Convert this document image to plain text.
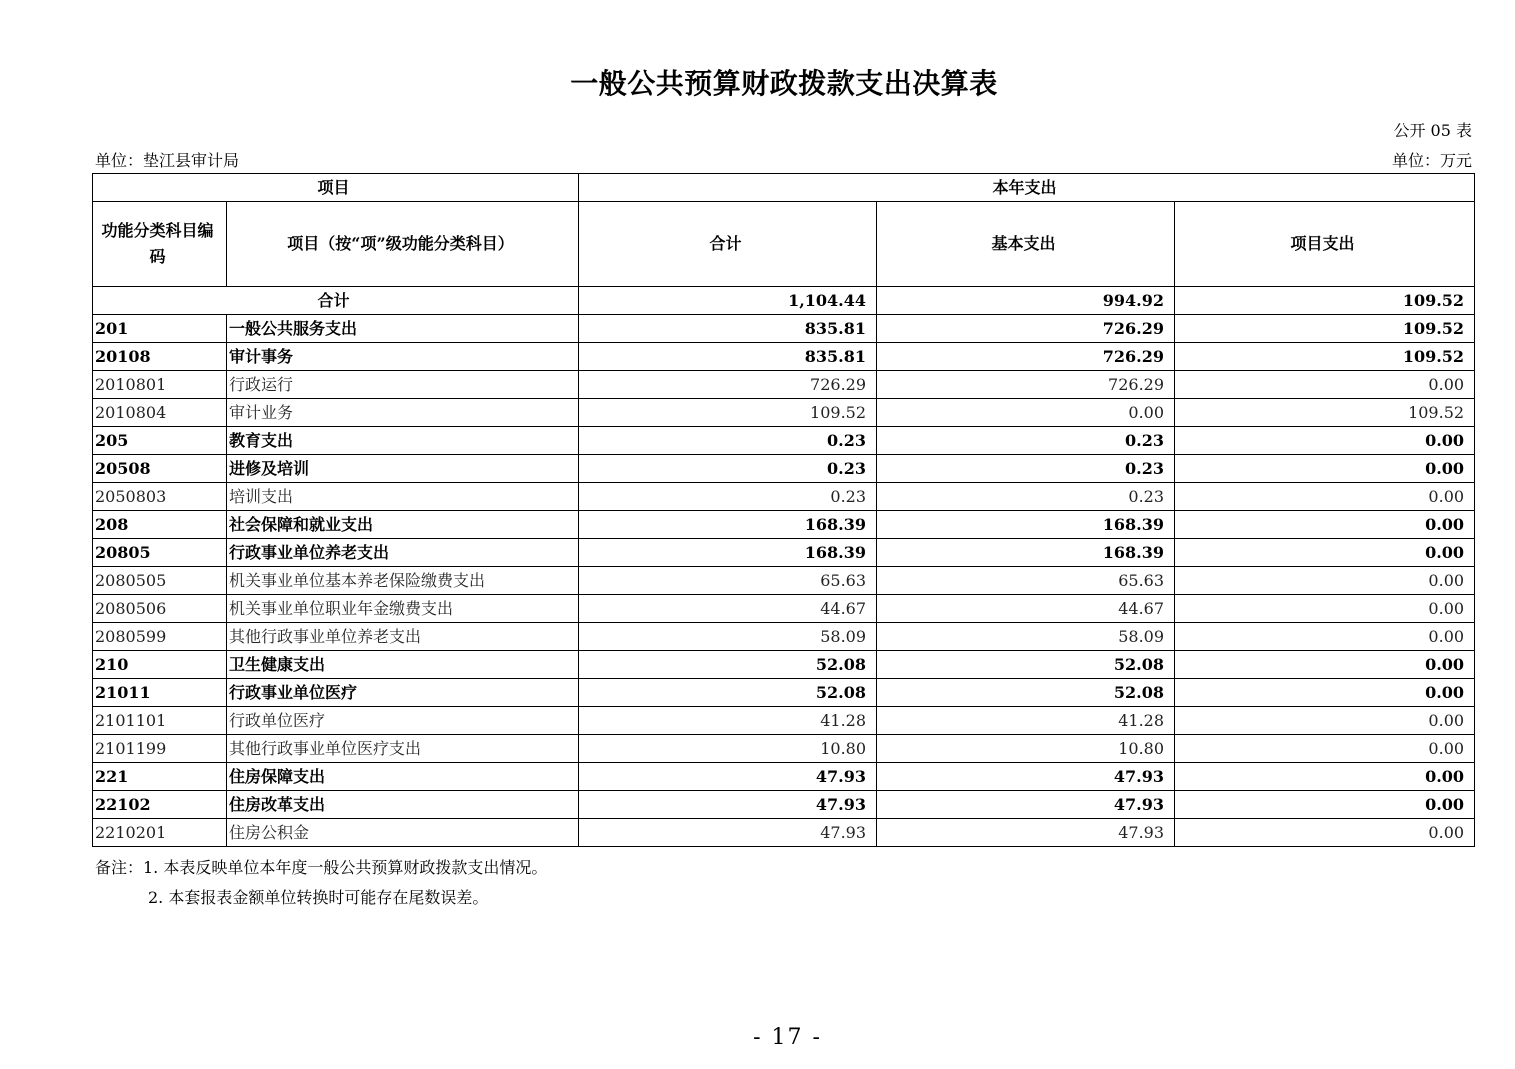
一般公共预算财政拨款支出决算表
公开 05 表
单位：垫江县审计局	单位：万元
项目		本年支出		
功能分类科目编码	项目（按“项”级功能分类科目）	合计	基本支出	项目支出
合计		1,104.44	994.92	109.52
201	一般公共服务支出	835.81	726.29	109.52
20108	审计事务	835.81	726.29	109.52
2010801	行政运行	726.29	726.29	0.00
2010804	审计业务	109.52	0.00	109.52
205	教育支出	0.23	0.23	0.00
20508	进修及培训	0.23	0.23	0.00
2050803	培训支出	0.23	0.23	0.00
208	社会保障和就业支出	168.39	168.39	0.00
20805	行政事业单位养老支出	168.39	168.39	0.00
2080505	机关事业单位基本养老保险缴费支出	65.63	65.63	0.00
2080506	机关事业单位职业年金缴费支出	44.67	44.67	0.00
2080599	其他行政事业单位养老支出	58.09	58.09	0.00
210	卫生健康支出	52.08	52.08	0.00
21011	行政事业单位医疗	52.08	52.08	0.00
2101101	行政单位医疗	41.28	41.28	0.00
2101199	其他行政事业单位医疗支出	10.80	10.80	0.00
221	住房保障支出	47.93	47.93	0.00
22102	住房改革支出	47.93	47.93	0.00
2210201	住房公积金	47.93	47.93	0.00
备注：1. 本表反映单位本年度一般公共预算财政拨款支出情况。
2. 本套报表金额单位转换时可能存在尾数误差。
- 17 -
